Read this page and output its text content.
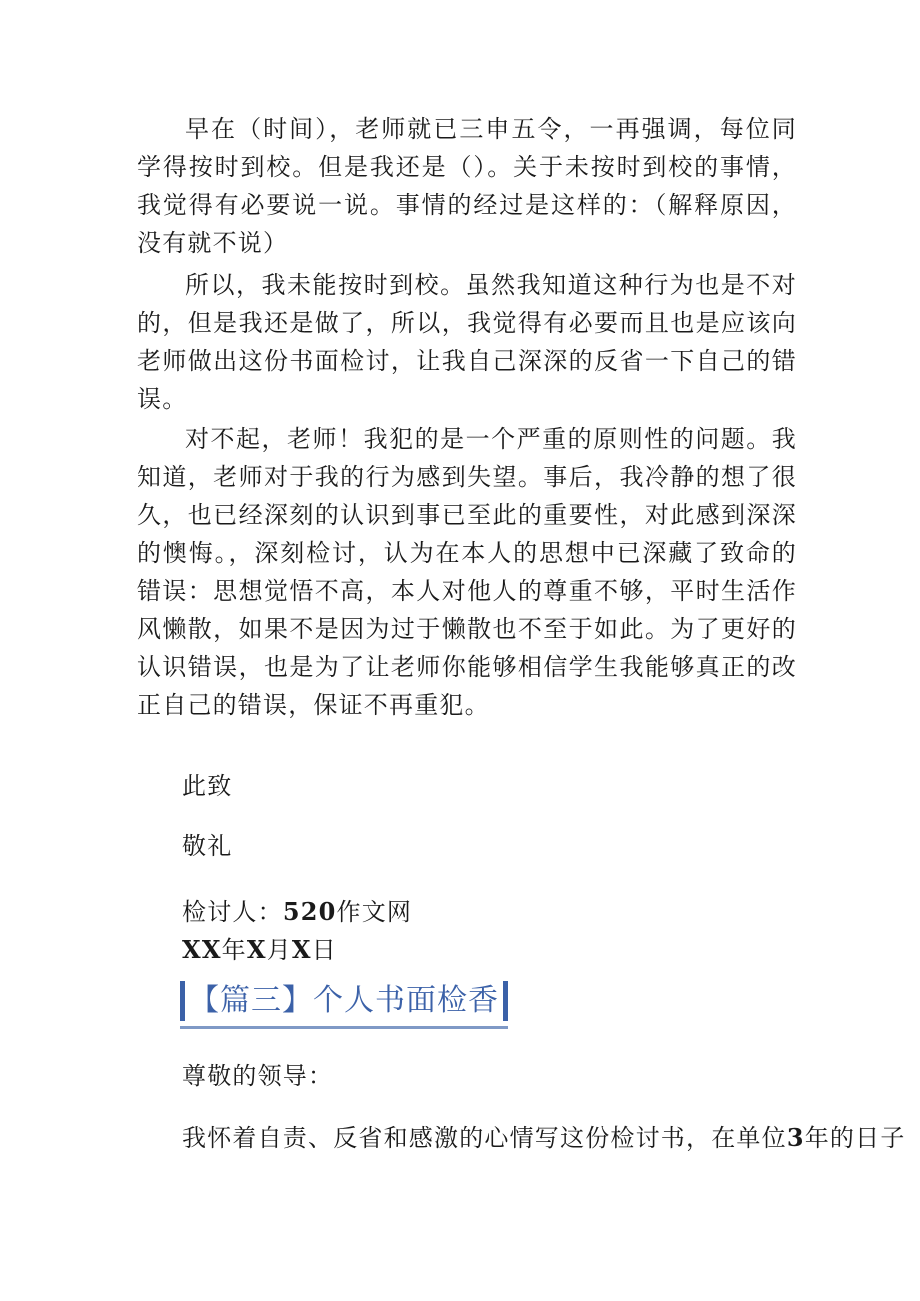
早在（时间），老师就已三申五令，一再强调，每位同学得按时到校。但是我还是（）。关于未按时到校的事情，我觉得有必要说一说。事情的经过是这样的：（解释原因，没有就不说）

所以，我未能按时到校。虽然我知道这种行为也是不对的，但是我还是做了，所以，我觉得有必要而且也是应该向老师做出这份书面检讨，让我自己深深的反省一下自己的错误。

对不起，老师！我犯的是一个严重的原则性的问题。我知道，老师对于我的行为感到失望。事后，我冷静的想了很久，也已经深刻的认识到事已至此的重要性，对此感到深深的懊悔。，深刻检讨，认为在本人的思想中已深藏了致命的错误：思想觉悟不高，本人对他人的尊重不够，平时生活作风懒散，如果不是因为过于懒散也不至于如此。为了更好的认识错误，也是为了让老师你能够相信学生我能够真正的改正自己的错误，保证不再重犯。

此致

敬礼

检讨人：520作文网

XX年X月X日

【篇三】个人书面检香

尊敬的领导：

我怀着自责、反省和感激的心情写这份检讨书，在单位3年的日子
